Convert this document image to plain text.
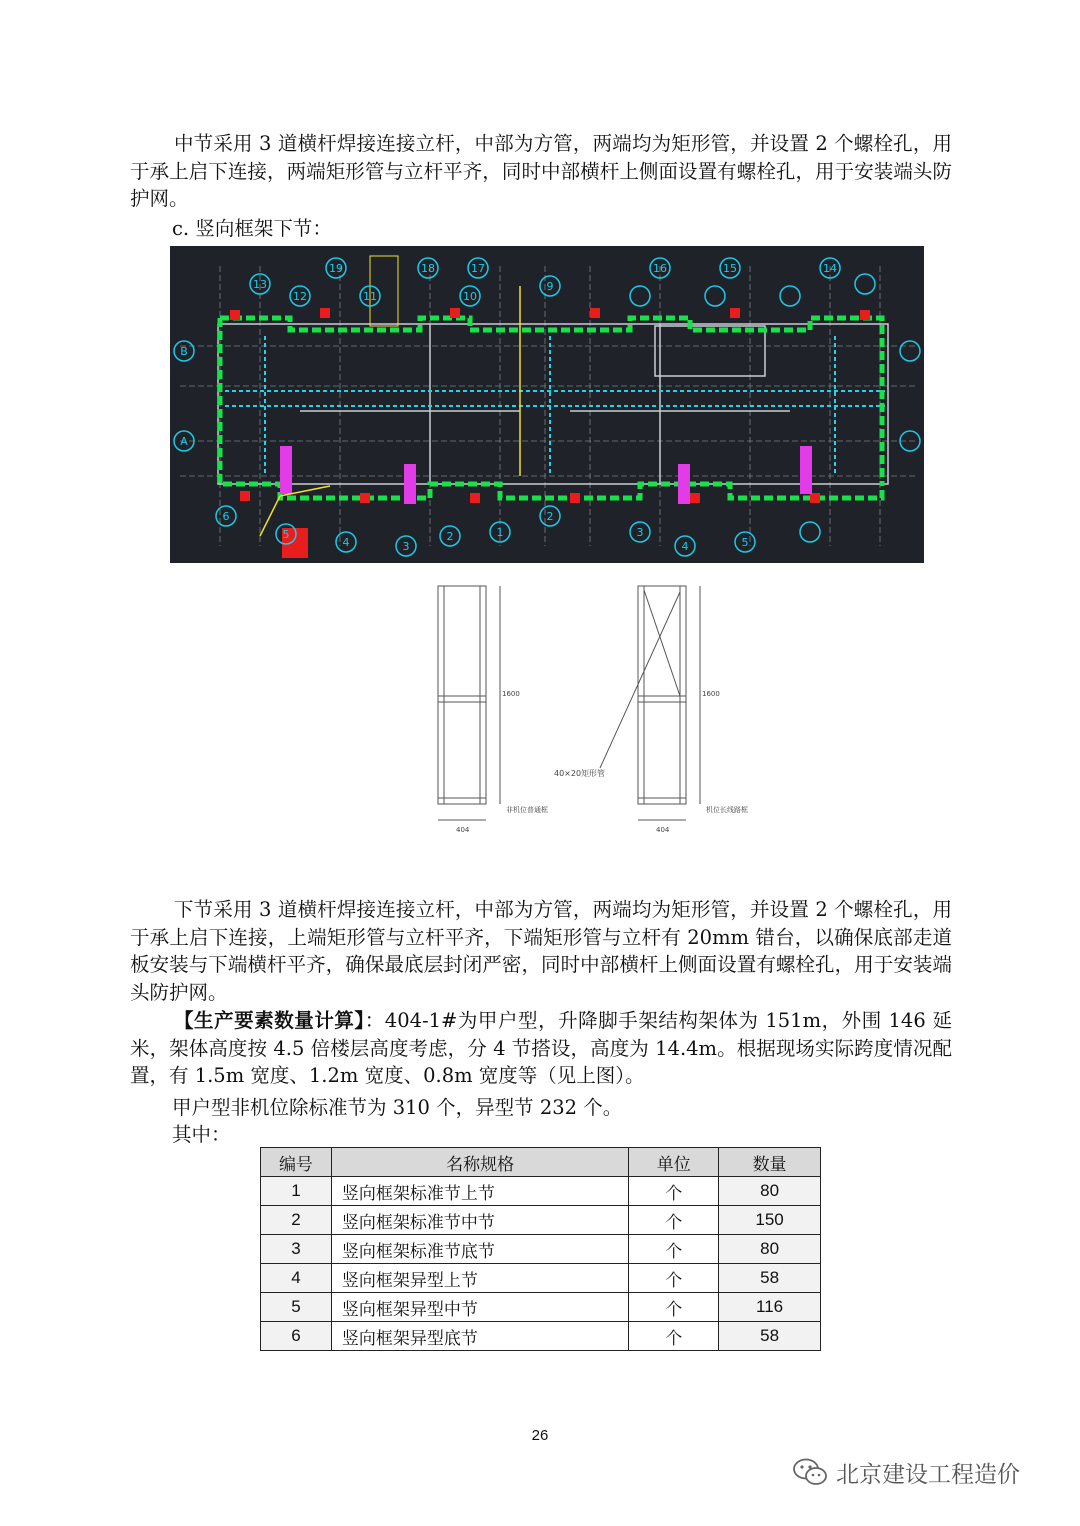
中节采用 3 道横杆焊接连接立杆，中部为方管，两端均为矩形管，并设置 2 个螺栓孔，用于承上启下连接，两端矩形管与立杆平齐，同时中部横杆上侧面设置有螺栓孔，用于安装端头防护网。
c. 竖向框架下节：
19	18	17	16	15	14
13
12	11	10
9
6
5
4	3
2	1
2
3
4	5
B
A
非机位普通框	机位长线路框
40×20矩形管
404	404
1600	1600
下节采用 3 道横杆焊接连接立杆，中部为方管，两端均为矩形管，并设置 2 个螺栓孔，用于承上启下连接，上端矩形管与立杆平齐，下端矩形管与立杆有 20mm 错台，以确保底部走道板安装与下端横杆平齐，确保最底层封闭严密，同时中部横杆上侧面设置有螺栓孔，用于安装端头防护网。
【生产要素数量计算】：404-1#为甲户型，升降脚手架结构架体为 151m，外围 146 延米，架体高度按 4.5 倍楼层高度考虑，分 4 节搭设，高度为 14.4m。根据现场实际跨度情况配置，有 1.5m 宽度、1.2m 宽度、0.8m 宽度等（见上图）。
甲户型非机位除标准节为 310 个，异型节 232 个。
其中：
编号	名称规格	单位	数量
1	竖向框架标准节上节	个	80
2	竖向框架标准节中节	个	150
3	竖向框架标准节底节	个	80
4	竖向框架异型上节	个	58
5	竖向框架异型中节	个	116
6	竖向框架异型底节	个	58
26
北京建设工程造价
